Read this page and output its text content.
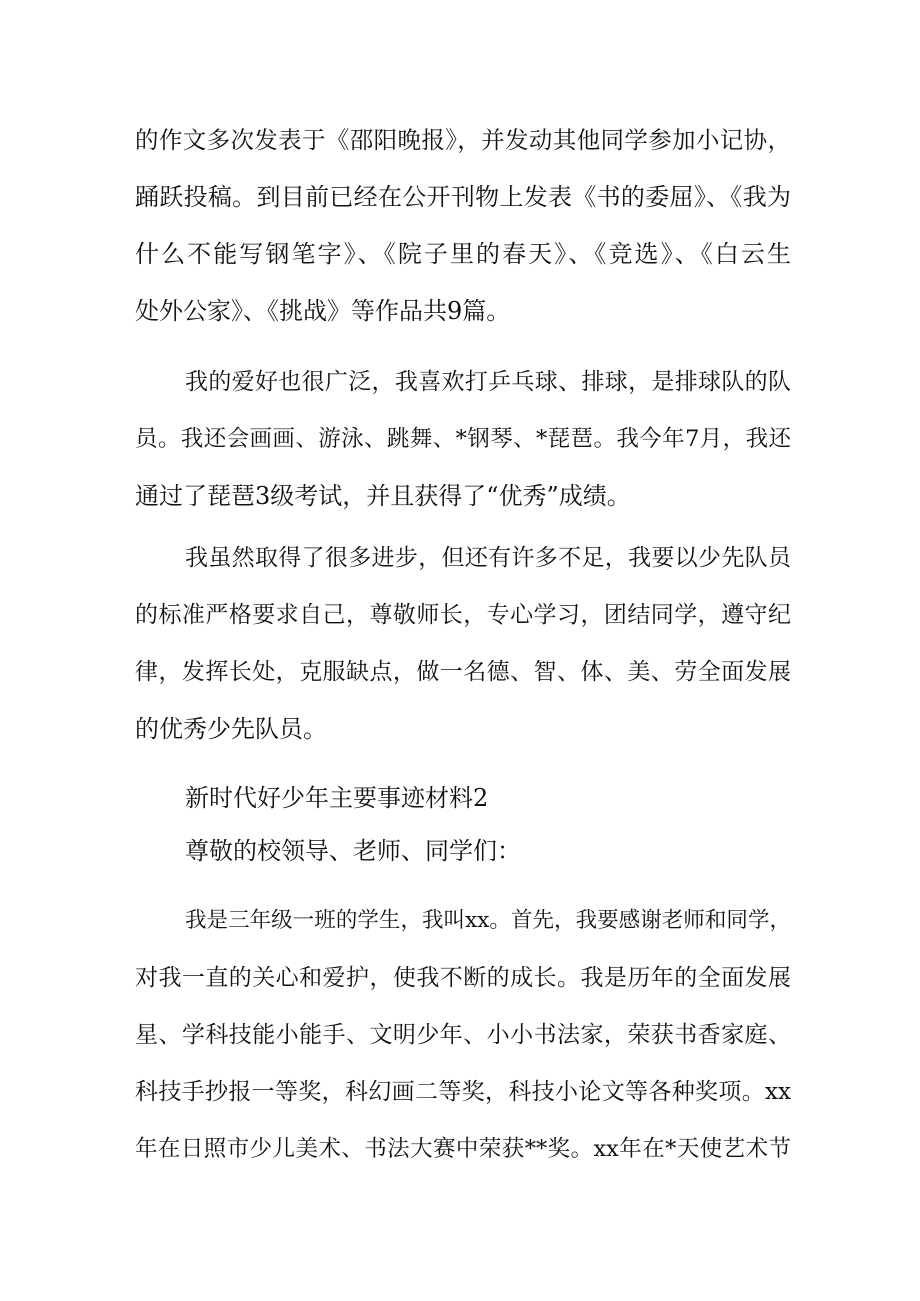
的作文多次发表于《邵阳晚报》，并发动其他同学参加小记协，
踊跃投稿。到目前已经在公开刊物上发表《书的委屈》、《我为
什么不能写钢笔字》、《院子里的春天》、《竞选》、《白云生
处外公家》、《挑战》等作品共9篇。
我的爱好也很广泛，我喜欢打乒乓球、排球，是排球队的队
员。我还会画画、游泳、跳舞、*钢琴、*琵琶。我今年7月，我还
通过了琵琶3级考试，并且获得了“优秀”成绩。
我虽然取得了很多进步，但还有许多不足，我要以少先队员
的标准严格要求自己，尊敬师长，专心学习，团结同学，遵守纪
律，发挥长处，克服缺点，做一名德、智、体、美、劳全面发展
的优秀少先队员。
新时代好少年主要事迹材料2
尊敬的校领导、老师、同学们：
我是三年级一班的学生，我叫xx。首先，我要感谢老师和同学，
对我一直的关心和爱护，使我不断的成长。我是历年的全面发展
星、学科技能小能手、文明少年、小小书法家，荣获书香家庭、
科技手抄报一等奖，科幻画二等奖，科技小论文等各种奖项。xx
年在日照市少儿美术、书法大赛中荣获**奖。xx年在*天使艺术节
